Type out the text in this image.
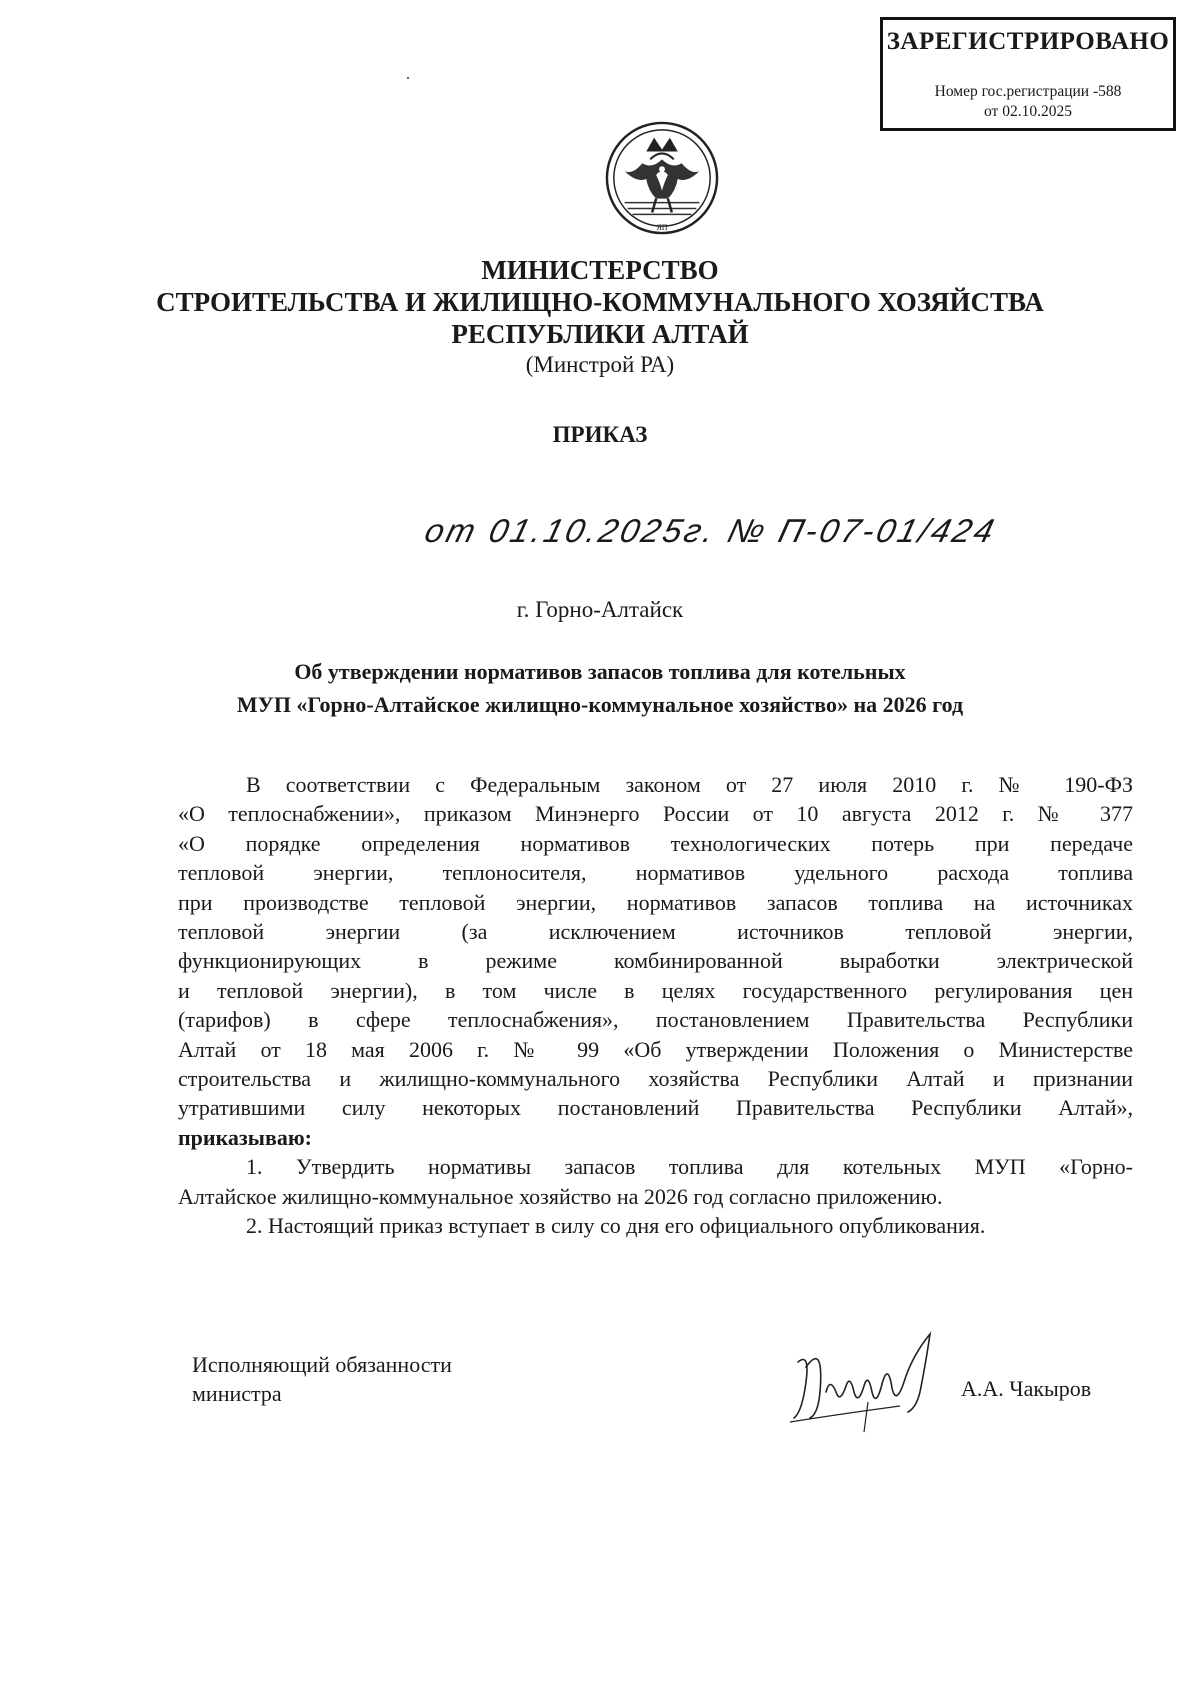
ЗАРЕГИСТРИРОВАНО
Номер гос.регистрации -588
от 02.10.2025
ЯП
МИНИСТЕРСТВО
СТРОИТЕЛЬСТВА И ЖИЛИЩНО-КОММУНАЛЬНОГО ХОЗЯЙСТВА
РЕСПУБЛИКИ АЛТАЙ
(Минстрой РА)
ПРИКАЗ
от 01.10.2025г. № П-07-01/424
г. Горно-Алтайск
Об утверждении нормативов запасов топлива для котельных
МУП «Горно-Алтайское жилищно-коммунальное хозяйство» на 2026 год

В соответствии с Федеральным законом от 27 июля 2010 г. № 190-ФЗ

«О теплоснабжении», приказом Минэнерго России от 10 августа 2012 г. № 377

«О порядке определения нормативов технологических потерь при передаче

тепловой энергии, теплоносителя, нормативов удельного расхода топлива

при производстве тепловой энергии, нормативов запасов топлива на источниках

тепловой энергии (за исключением источников тепловой энергии,

функционирующих в режиме комбинированной выработки электрической

и тепловой энергии), в том числе в целях государственного регулирования цен

(тарифов) в сфере теплоснабжения», постановлением Правительства Республики

Алтай от 18 мая 2006 г. № 99 «Об утверждении Положения о Министерстве

строительства и жилищно-коммунального хозяйства Республики Алтай и признании

утратившими силу некоторых постановлений Правительства Республики Алтай»,

приказываю:

1. Утвердить нормативы запасов топлива для котельных МУП «Горно-

Алтайское жилищно-коммунальное хозяйство на 2026 год согласно приложению.

2. Настоящий приказ вступает в силу со дня его официального опубликования.

Исполняющий обязанности
министра	А.А. Чакыров
